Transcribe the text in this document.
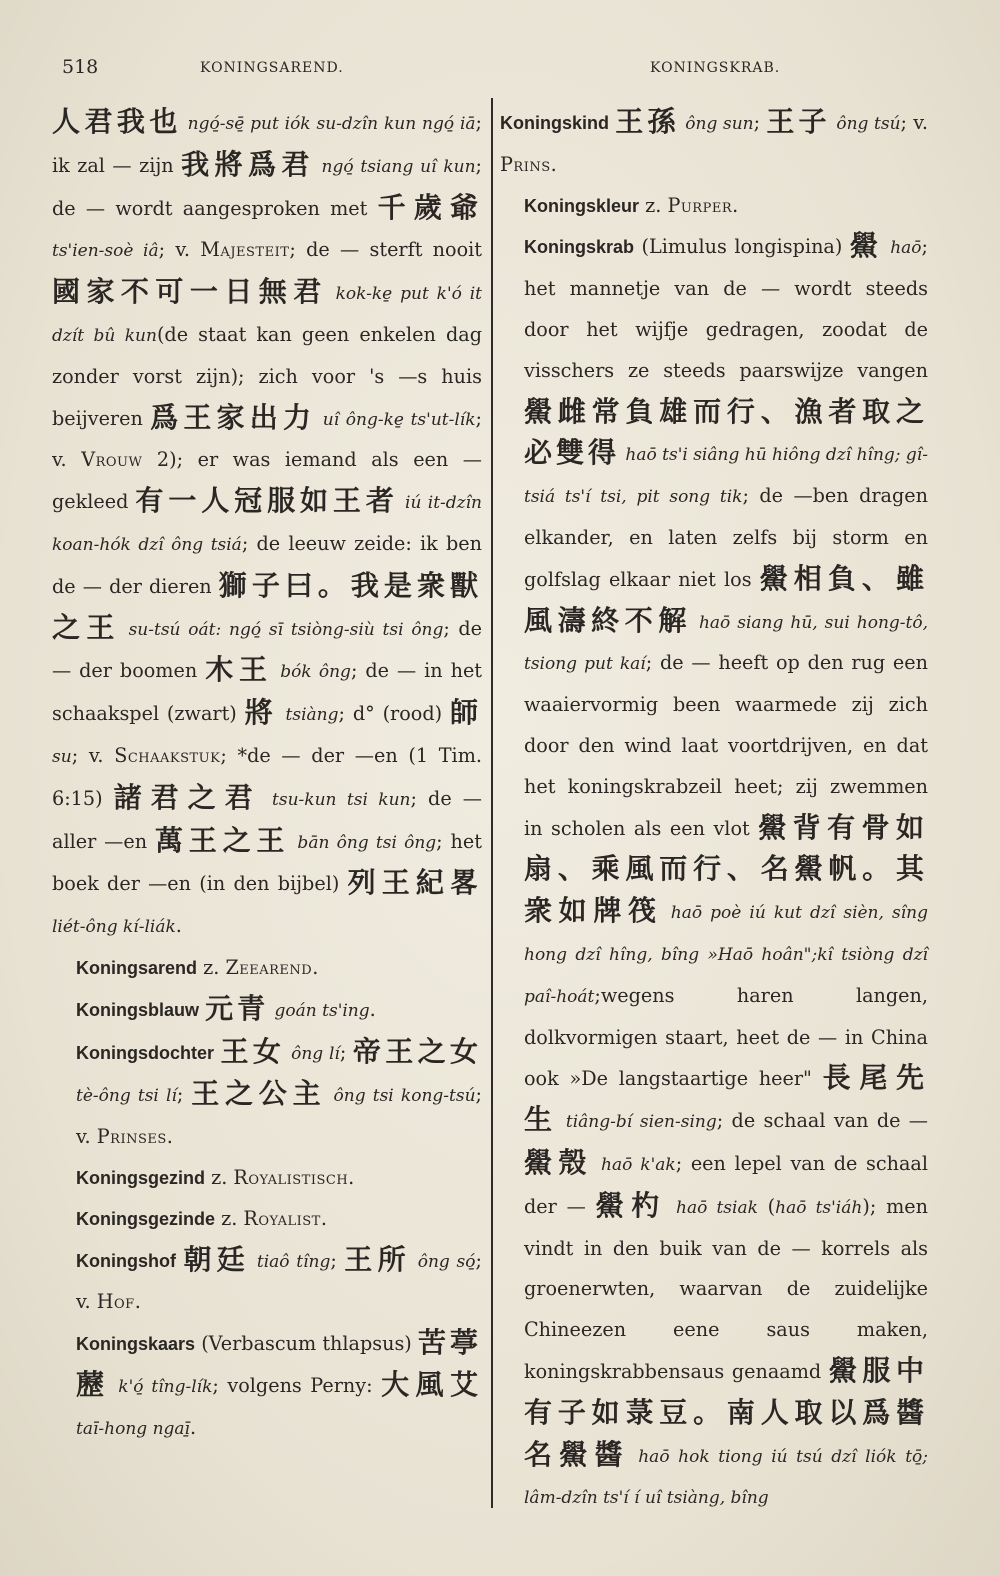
518	KONINGSAREND.	KONINGSKRAB.

人君我也 ngó̱-sē̱ put iók su-dzîn kun ngó̱ iā; ik zal — zijn 我將爲君 ngó̱ tsiang uî kun; de — wordt aangesproken met 千歲爺 ts'ien-soè iâ; v. Majesteit; de — sterft nooit 國家不可一日無君 kok-ke̱ put k'ó it dzít bû kun(de staat kan geen enkelen dag zonder vorst zijn); zich voor 's —s huis beijveren 爲王家出力 uî ông-ke̱ ts'ut-lík; v. Vrouw 2); er was iemand als een — gekleed 有一人冠服如王者 iú it-dzîn koan-hók dzî ông tsiá; de leeuw zeide: ik ben de — der dieren 獅子曰。我是衆獸之王 su-tsú oát: ngó̱ sī tsiòng-siù tsi ông; de — der boomen 木王 bók ông; de — in het schaakspel (zwart) 將 tsiàng; d° (rood) 師 su; v. Schaakstuk; *de — der —en (1 Tim. 6:15) 諸君之君 tsu-kun tsi kun; de — aller —en 萬王之王 bān ông tsi ông; het boek der —en (in den bijbel) 列王紀畧 liét-ông kí-liák.

Koningsarend z. Zeearend.

Koningsblauw 元青 goán ts'ing.

Koningsdochter 王女 ông lí; 帝王之女 tè-ông tsi lí; 王之公主 ông tsi kong-tsú; v. Prinses.

Koningsgezind z. Royalistisch.

Koningsgezinde z. Royalist.

Koningshof 朝廷 tiaô tîng; 王所 ông só̱; v. Hof.

Koningskaars (Verbascum thlapsus) 苦葶藶 k'ó̱ tîng-lík; volgens Perny: 大風艾 taī-hong ngaī̱.

Koningskind 王孫 ông sun; 王子 ông tsú; v. Prins.

Koningskleur z. Purper.

Koningskrab (Limulus longispina) 鱟 haō; het mannetje van de — wordt steeds door het wijfje gedragen, zoodat de visschers ze steeds paarswijze vangen 鱟雌常負雄而行、漁者取之必雙得 haō ts'i siâng hū hiông dzî hîng; gî-tsiá ts'í tsi, pit song tik; de —ben dragen elkander, en laten zelfs bij storm en golfslag elkaar niet los 鱟相負、雖風濤終不解 haō siang hū, sui hong-tô, tsiong put kaí; de — heeft op den rug een waaiervormig been waarmede zij zich door den wind laat voortdrijven, en dat het koningskrabzeil heet; zij zwemmen in scholen als een vlot 鱟背有骨如扇、乘風而行、名鱟帆。其衆如牌筏 haō poè iú kut dzî sièn, sîng hong dzî hîng, bîng »Haō hoân";kî tsiòng dzî paî-hoát;wegens haren langen, dolkvormigen staart, heet de — in China ook »De langstaartige heer" 長尾先生 tiâng-bí sien-sing; de schaal van de — 鱟殼 haō k'ak; een lepel van de schaal der — 鱟杓 haō tsiak (haō ts'iáh); men vindt in den buik van de — korrels als groenerwten, waarvan de zuidelijke Chineezen eene saus maken, koningskrabbensaus genaamd 鱟服中有子如菉豆。南人取以爲醬名鱟醬 haō hok tiong iú tsú dzî liók tō̱; lâm-dzîn ts'í í uî tsiàng, bîng
